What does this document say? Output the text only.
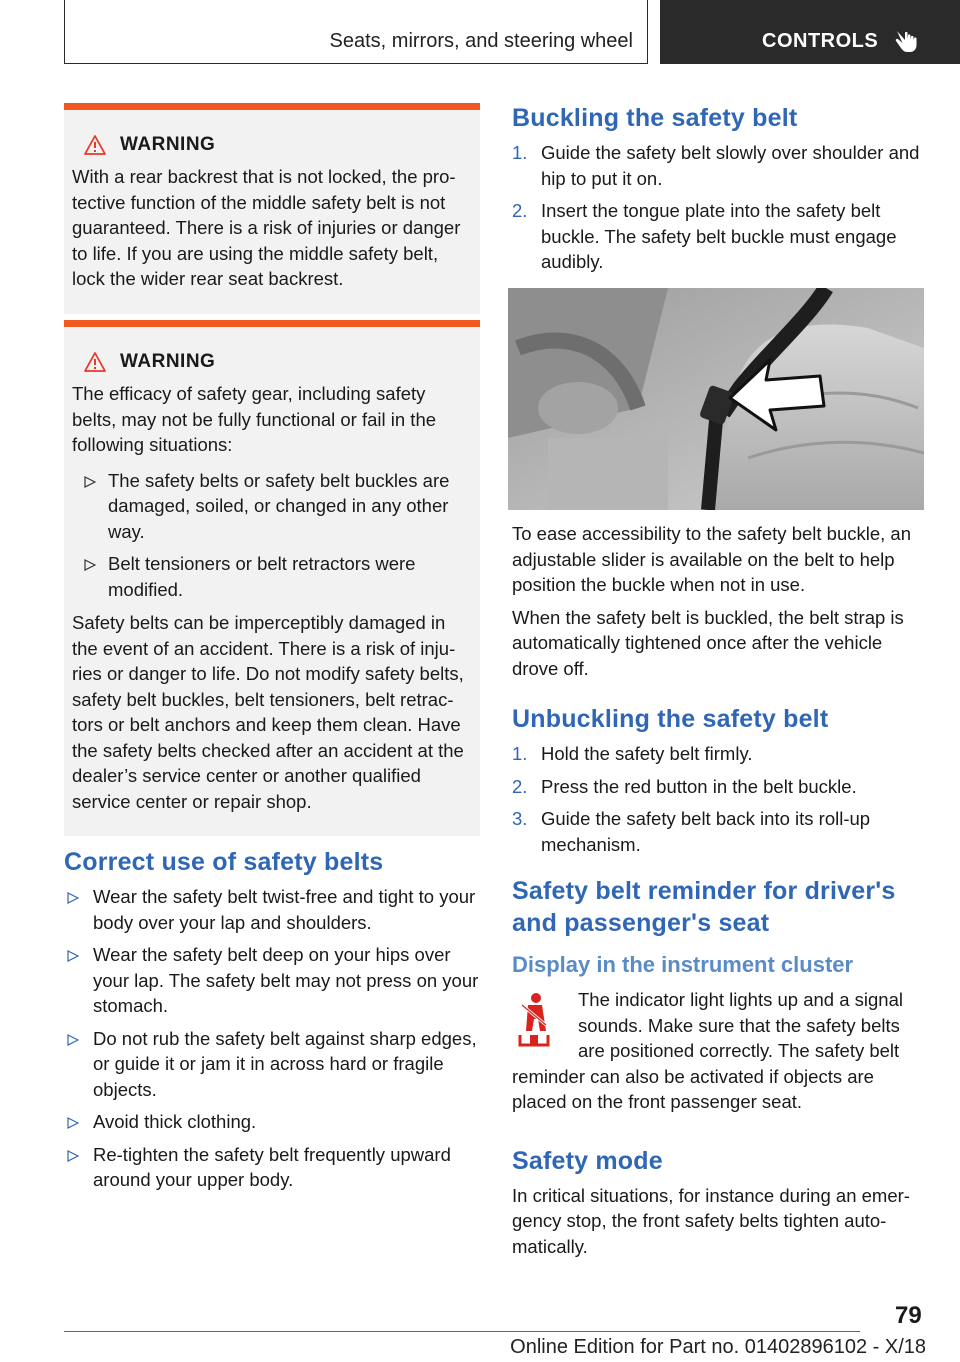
Seats, mirrors, and steering wheel	CONTROLS
WARNING

With a rear backrest that is not locked, the pro-tective function of the middle safety belt is not guaranteed. There is a risk of injuries or danger to life. If you are using the middle safety belt, lock the wider rear seat backrest.

WARNING

The efficacy of safety gear, including safety belts, may not be fully functional or fail in the following situations:

The safety belts or safety belt buckles are damaged, soiled, or changed in any other way.
Belt tensioners or belt retractors were modified.

Safety belts can be imperceptibly damaged in the event of an accident. There is a risk of inju-ries or danger to life. Do not modify safety belts, safety belt buckles, belt tensioners, belt retrac-tors or belt anchors and keep them clean. Have the safety belts checked after an accident at the dealer’s service center or another qualified service center or repair shop.

Correct use of safety belts
Wear the safety belt twist-free and tight to your body over your lap and shoulders.
Wear the safety belt deep on your hips over your lap. The safety belt may not press on your stomach.
Do not rub the safety belt against sharp edges, or guide it or jam it in across hard or fragile objects.
Avoid thick clothing.
Re-tighten the safety belt frequently upward around your upper body.
Buckling the safety belt
1. Guide the safety belt slowly over shoulder and hip to put it on.
2. Insert the tongue plate into the safety belt buckle. The safety belt buckle must engage audibly.

To ease accessibility to the safety belt buckle, an adjustable slider is available on the belt to help position the buckle when not in use.

When the safety belt is buckled, the belt strap is automatically tightened once after the vehicle drove off.

Unbuckling the safety belt
1. Hold the safety belt firmly.
2. Press the red button in the belt buckle.
3. Guide the safety belt back into its roll-up mechanism.
Safety belt reminder for driver's and passenger's seat
Display in the instrument cluster

The indicator light lights up and a signal sounds. Make sure that the safety belts are positioned correctly. The safety belt reminder can also be activated if objects are placed on the front passenger seat.

Safety mode

In critical situations, for instance during an emer-gency stop, the front safety belts tighten auto-matically.

79
Online Edition for Part no. 01402896102 - X/18
